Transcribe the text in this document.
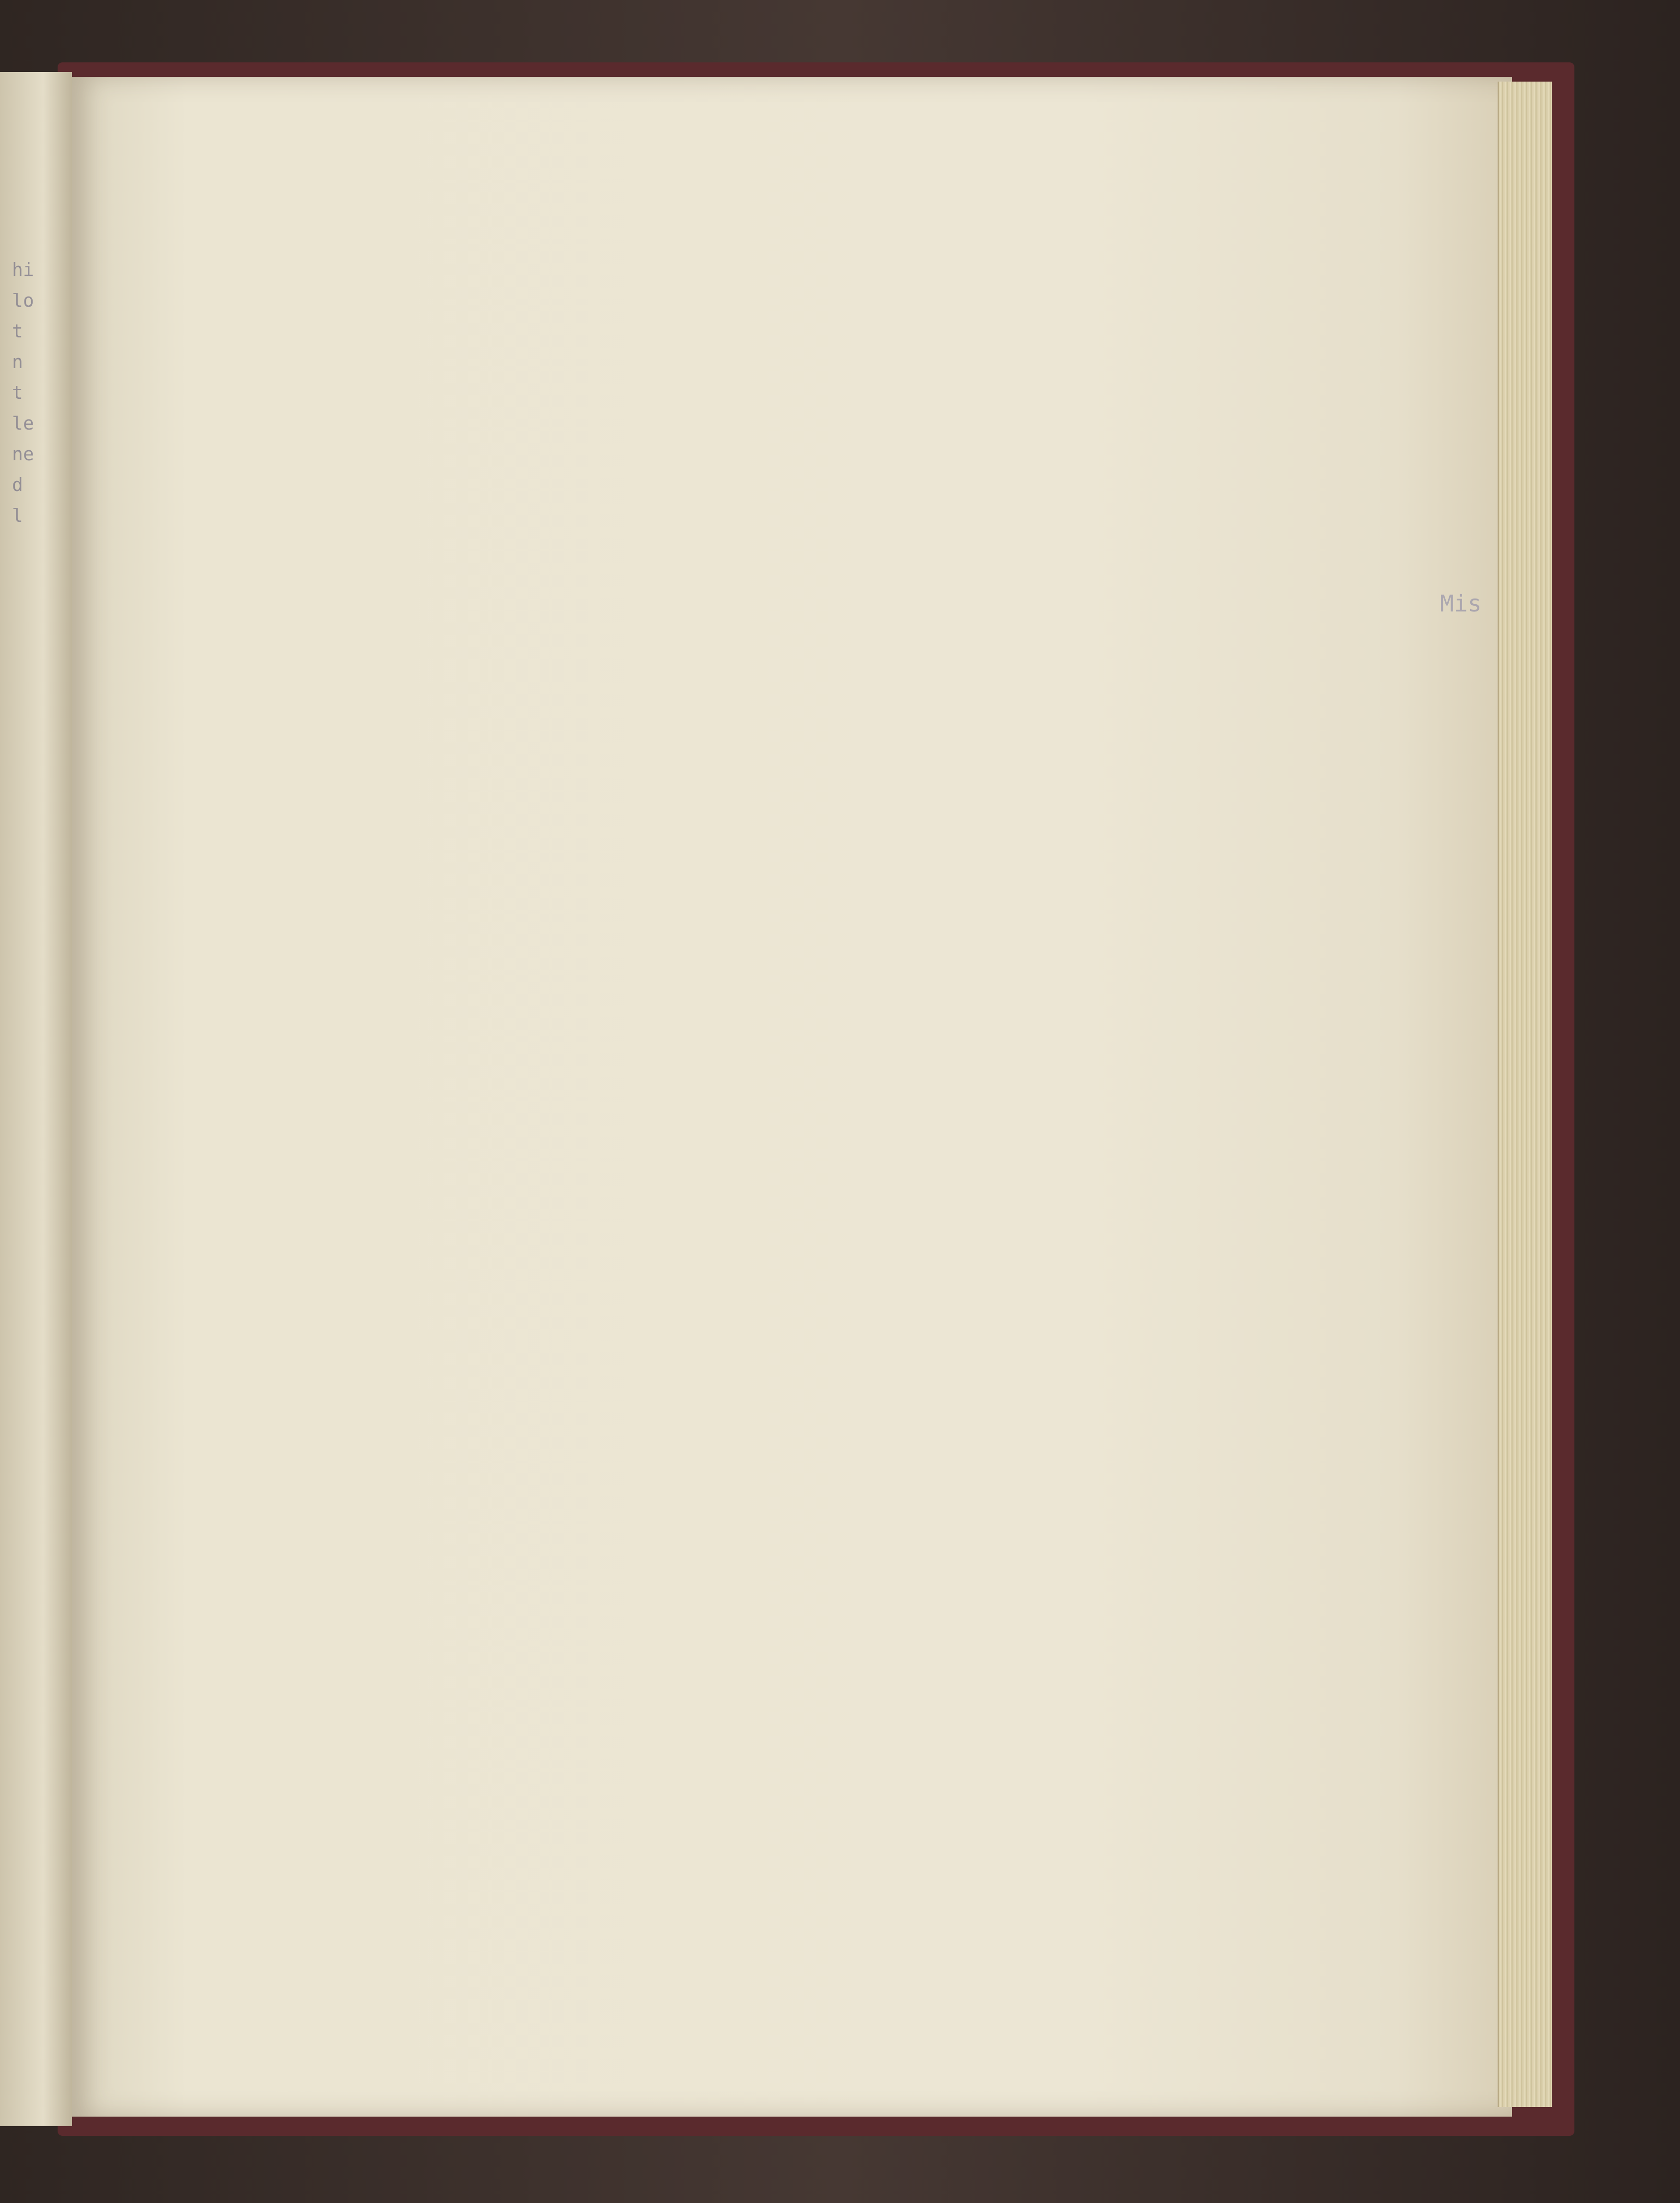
hi
lo
t
n
t
le
ne
d
l

Mis
